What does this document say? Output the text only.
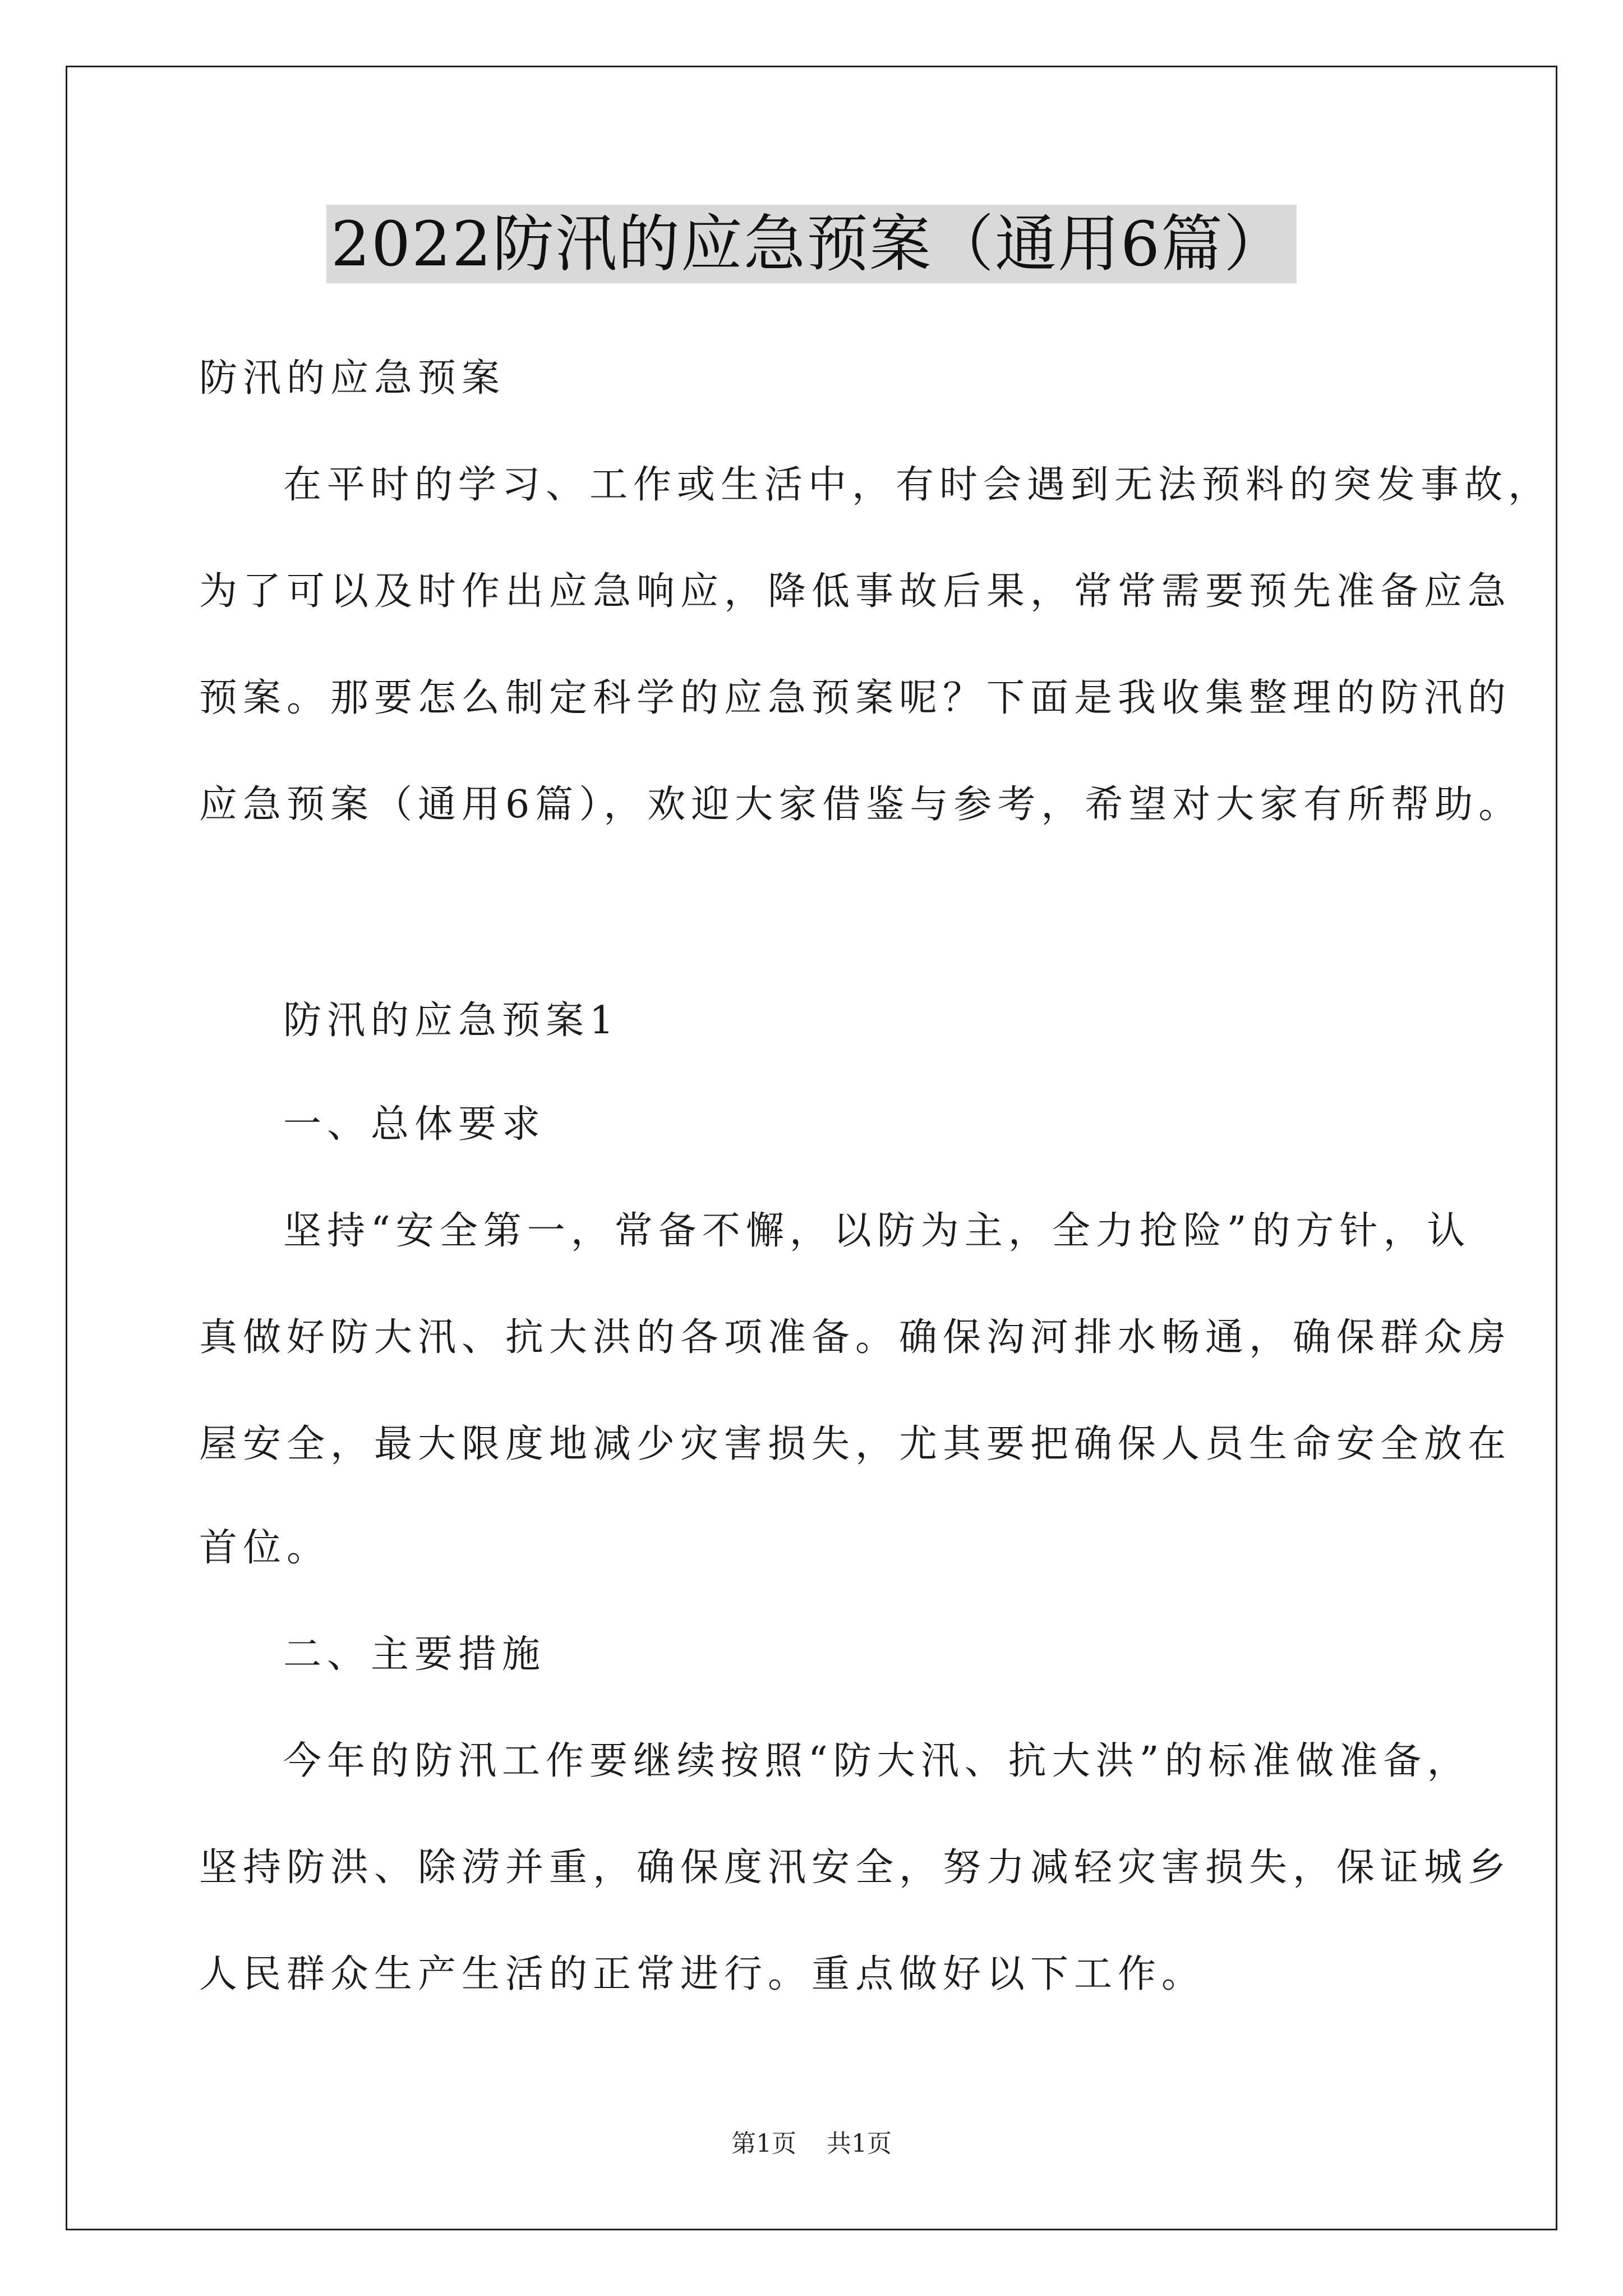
2022防汛的应急预案（通用6篇）
防汛的应急预案
在平时的学习、工作或生活中，有时会遇到无法预料的突发事故，
为了可以及时作出应急响应，降低事故后果，常常需要预先准备应急
预案。那要怎么制定科学的应急预案呢？下面是我收集整理的防汛的
应急预案（通用6篇），欢迎大家借鉴与参考，希望对大家有所帮助。
防汛的应急预案1
一、总体要求
坚持“安全第一，常备不懈，以防为主，全力抢险”的方针，认
真做好防大汛、抗大洪的各项准备。确保沟河排水畅通，确保群众房
屋安全，最大限度地减少灾害损失，尤其要把确保人员生命安全放在
首位。
二、主要措施
今年的防汛工作要继续按照“防大汛、抗大洪”的标准做准备，
坚持防洪、除涝并重，确保度汛安全，努力减轻灾害损失，保证城乡
人民群众生产生活的正常进行。重点做好以下工作。
第1页 共1页
